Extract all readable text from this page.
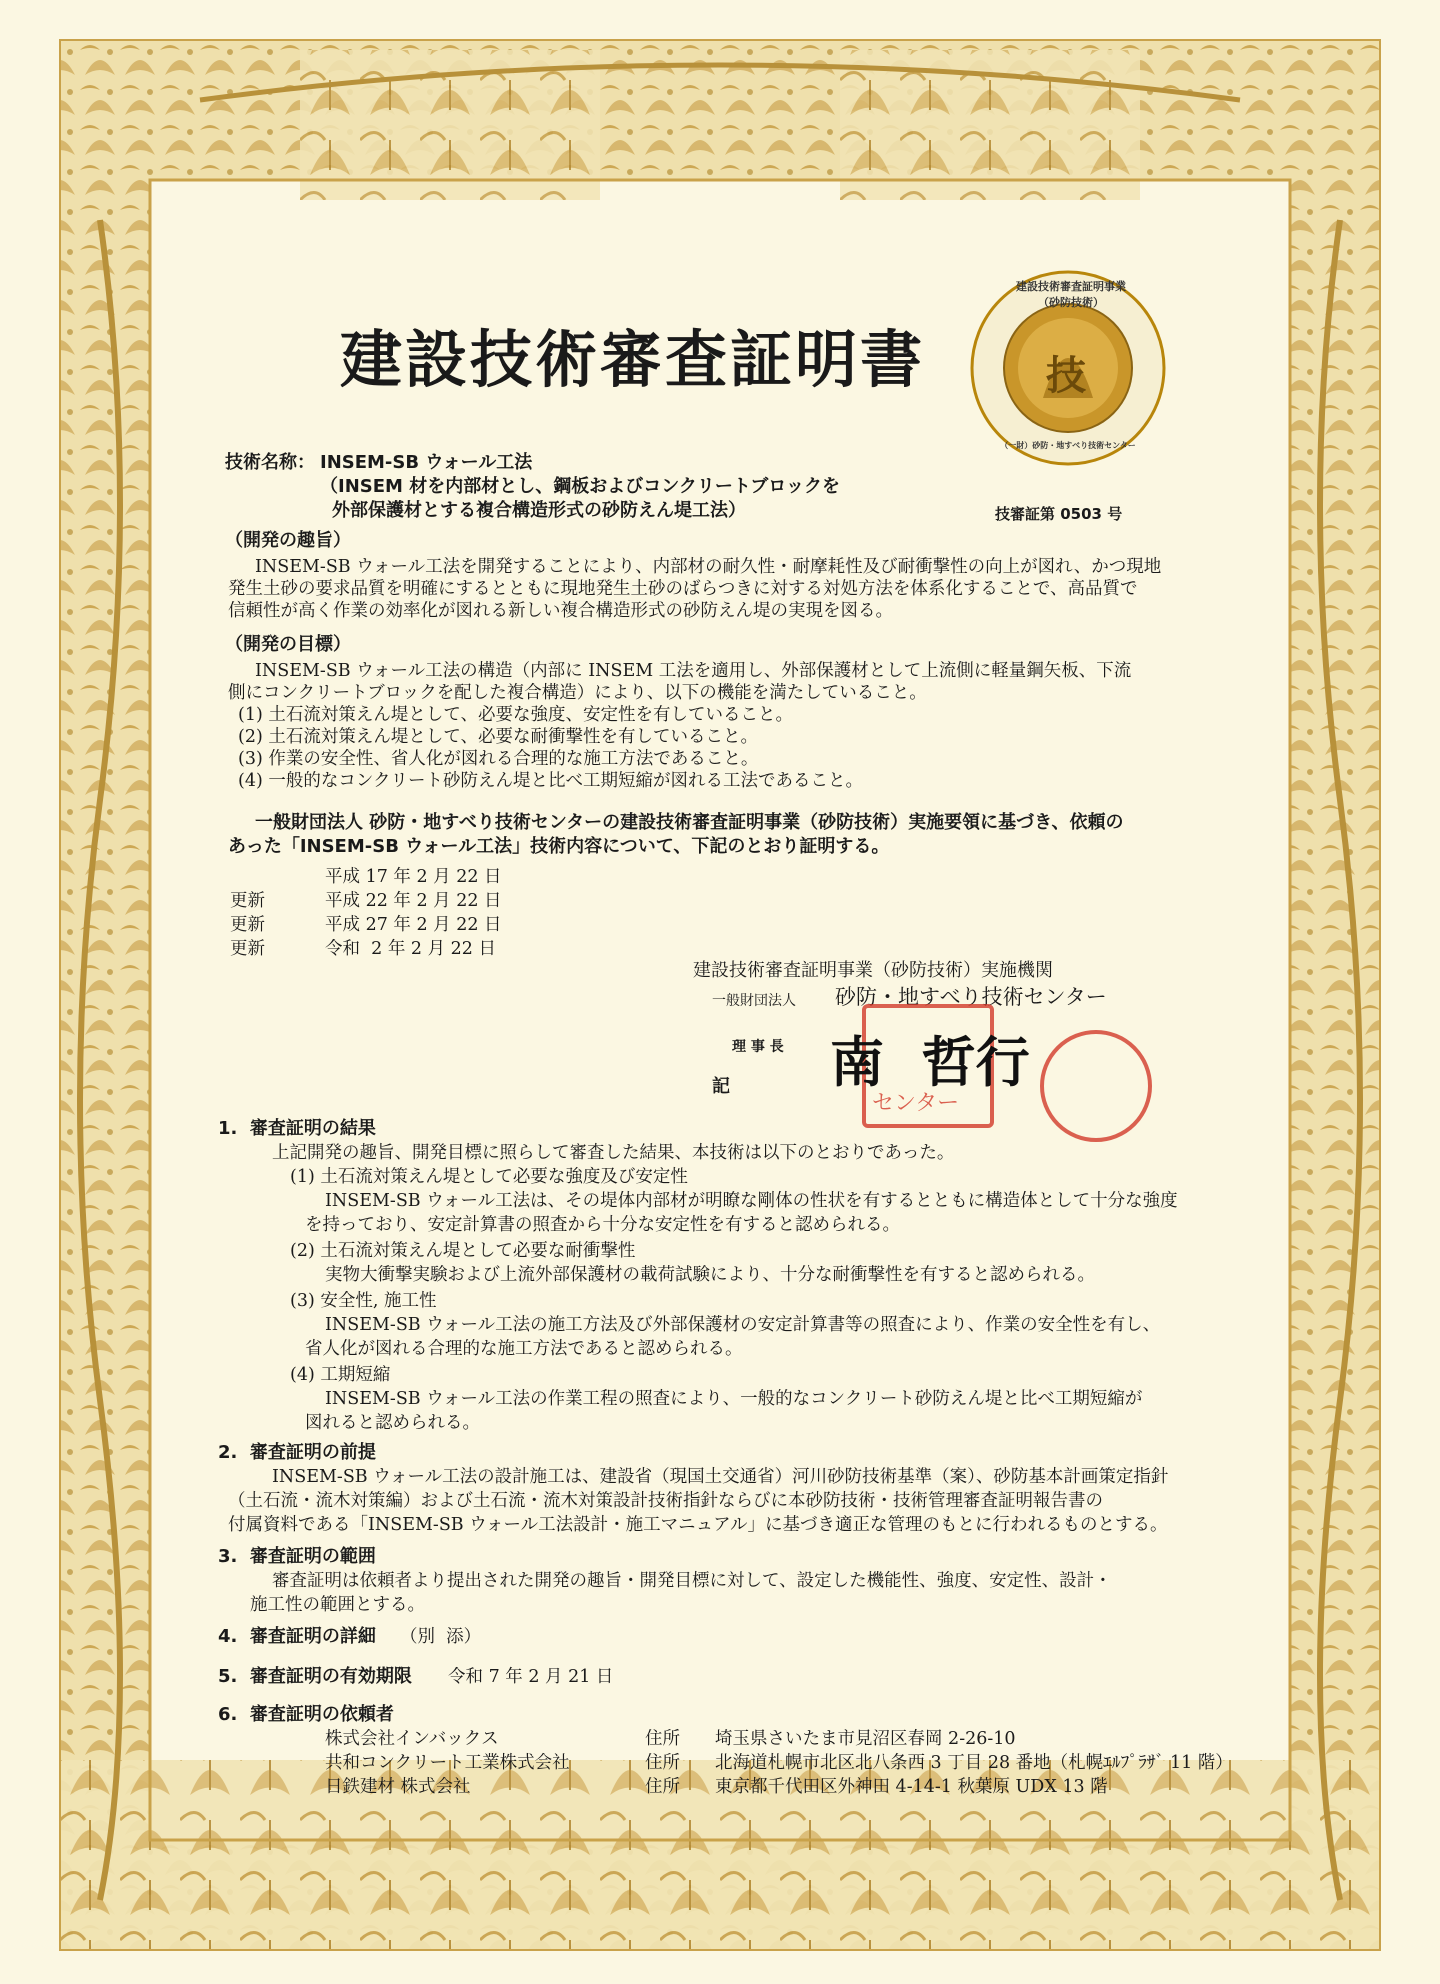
建設技術審査証明書
建設技術審査証明事業（砂防技術）
技
（一財）砂防・地すべり技術センター
技術名称： INSEM-SB ウォール工法
（INSEM 材を内部材とし、鋼板およびコンクリートブロックを
外部保護材とする複合構造形式の砂防えん堤工法）	技審証第 0503 号
（開発の趣旨）
INSEM-SB ウォール工法を開発することにより、内部材の耐久性・耐摩耗性及び耐衝撃性の向上が図れ、かつ現地
発生土砂の要求品質を明確にするとともに現地発生土砂のばらつきに対する対処方法を体系化することで、高品質で
信頼性が高く作業の効率化が図れる新しい複合構造形式の砂防えん堤の実現を図る。
（開発の目標）
INSEM-SB ウォール工法の構造（内部に INSEM 工法を適用し、外部保護材として上流側に軽量鋼矢板、下流
側にコンクリートブロックを配した複合構造）により、以下の機能を満たしていること。
(1) 土石流対策えん堤として、必要な強度、安定性を有していること。
(2) 土石流対策えん堤として、必要な耐衝撃性を有していること。
(3) 作業の安全性、省人化が図れる合理的な施工方法であること。
(4) 一般的なコンクリート砂防えん堤と比べ工期短縮が図れる工法であること。
一般財団法人 砂防・地すべり技術センターの建設技術審査証明事業（砂防技術）実施要領に基づき、依頼の
あった「INSEM-SB ウォール工法」技術内容について、下記のとおり証明する。
平成 17 年 2 月 22 日
更新	平成 22 年 2 月 22 日
更新	平成 27 年 2 月 22 日
更新	令和  2 年 2 月 22 日
建設技術審査証明事業（砂防技術）実施機関
一般財団法人 砂防・地すべり技術センター
理 事 長
センター
南  哲行
記
1.  審査証明の結果
上記開発の趣旨、開発目標に照らして審査した結果、本技術は以下のとおりであった。
(1) 土石流対策えん堤として必要な強度及び安定性
INSEM-SB ウォール工法は、その堤体内部材が明瞭な剛体の性状を有するとともに構造体として十分な強度
を持っており、安定計算書の照査から十分な安定性を有すると認められる。
(2) 土石流対策えん堤として必要な耐衝撃性
実物大衝撃実験および上流外部保護材の載荷試験により、十分な耐衝撃性を有すると認められる。
(3) 安全性, 施工性
INSEM-SB ウォール工法の施工方法及び外部保護材の安定計算書等の照査により、作業の安全性を有し、
省人化が図れる合理的な施工方法であると認められる。
(4) 工期短縮
INSEM-SB ウォール工法の作業工程の照査により、一般的なコンクリート砂防えん堤と比べ工期短縮が
図れると認められる。
2.  審査証明の前提
INSEM-SB ウォール工法の設計施工は、建設省（現国土交通省）河川砂防技術基準（案）、砂防基本計画策定指針
（土石流・流木対策編）および土石流・流木対策設計技術指針ならびに本砂防技術・技術管理審査証明報告書の
付属資料である「INSEM-SB ウォール工法設計・施工マニュアル」に基づき適正な管理のもとに行われるものとする。
3.  審査証明の範囲
審査証明は依頼者より提出された開発の趣旨・開発目標に対して、設定した機能性、強度、安定性、設計・
施工性の範囲とする。
4.  審査証明の詳細 （別  添）
5.  審査証明の有効期限 令和 7 年 2 月 21 日
6.  審査証明の依頼者
株式会社インバックス	住所 埼玉県さいたま市見沼区春岡 2-26-10
共和コンクリート工業株式会社	住所 北海道札幌市北区北八条西 3 丁目 28 番地（札幌ｴﾙﾌﾟﾗｻﾞ 11 階）
日鉄建材 株式会社	住所 東京都千代田区外神田 4-14-1 秋葉原 UDX 13 階
